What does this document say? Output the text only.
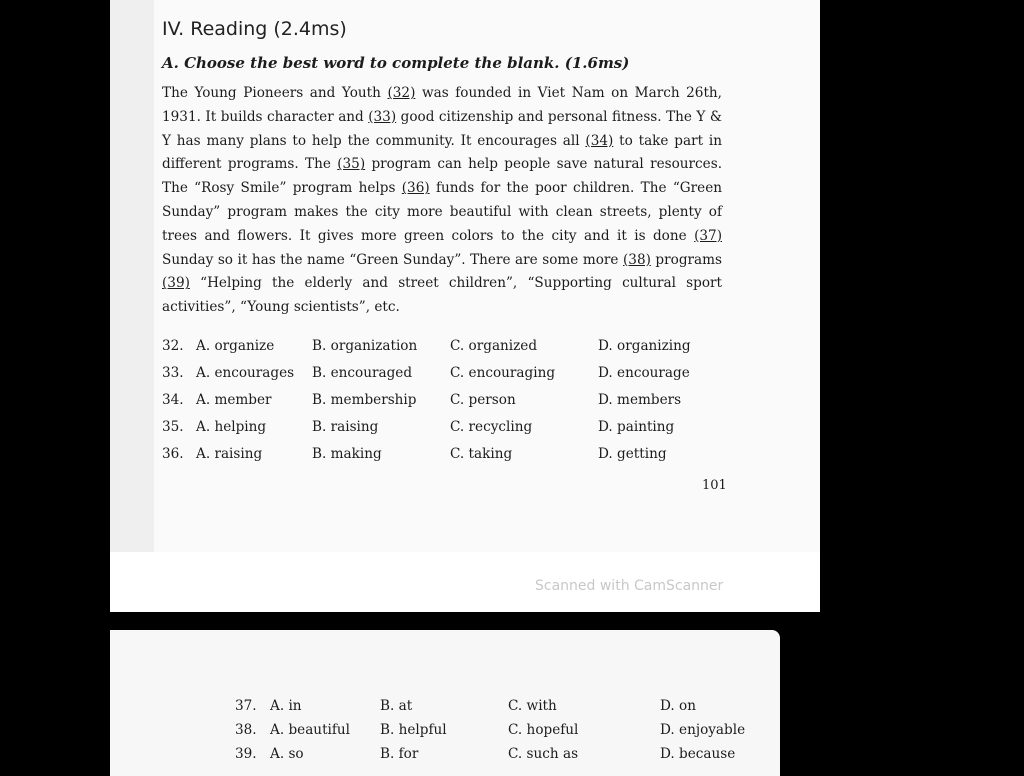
IV. Reading (2.4ms)
A. Choose the best word to complete the blank. (1.6ms)
The Young Pioneers and Youth (32) was founded in Viet Nam on March 26th, 1931. It builds character and (33) good citizenship and personal fitness. The Y & Y has many plans to help the community. It encourages all (34) to take part in different programs. The (35) program can help people save natural resources. The “Rosy Smile” program helps (36) funds for the poor children. The “Green Sunday” program makes the city more beautiful with clean streets, plenty of trees and flowers. It gives more green colors to the city and it is done (37) Sunday so it has the name “Green Sunday”. There are some more (38) programs (39) “Helping the elderly and street children”, “Supporting cultural sport activities”, “Young scientists”, etc.
32. A. organize	B. organization C. organized	D. organizing
33. A. encourages B. encouraged	C. encouraging	D. encourage
34. A. member	B. membership C. person	D. members
35. A. helping	B. raising	C. recycling	D. painting
36. A. raising	B. making	C. taking	D. getting
101
Scanned with CamScanner
37. A. in	B. at	C. with	D. on
38. A. beautiful B. helpful	C. hopeful	D. enjoyable
39. A. so	B. for	C. such as	D. because
